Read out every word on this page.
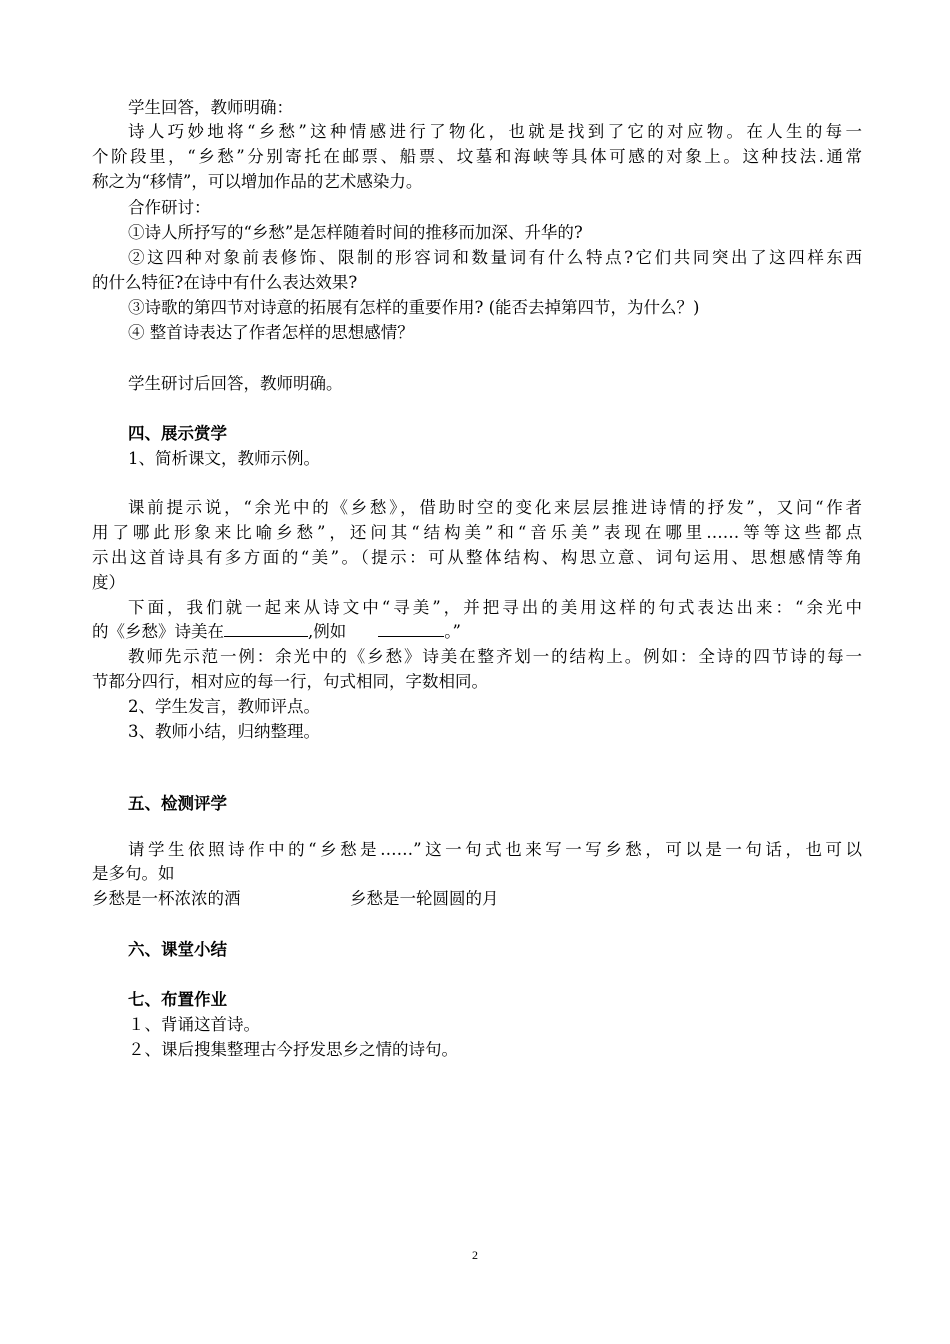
学生回答，教师明确：
诗人巧妙地将“乡愁”这种情感进行了物化，也就是找到了它的对应物。在人生的每一
个阶段里，“乡愁”分别寄托在邮票、船票、坟墓和海峡等具体可感的对象上。这种技法.通常
称之为“移情”，可以增加作品的艺术感染力。
合作研讨：
①诗人所抒写的“乡愁”是怎样随着时间的推移而加深、升华的?
②这四种对象前表修饰、限制的形容词和数量词有什么特点?它们共同突出了这四样东西
的什么特征?在诗中有什么表达效果?
③诗歌的第四节对诗意的拓展有怎样的重要作用? (能否去掉第四节，为什么？)
④ 整首诗表达了作者怎样的思想感情？
学生研讨后回答，教师明确。
四、展示赏学
1、简析课文，教师示例。
课前提示说，“余光中的《乡愁》，借助时空的变化来层层推进诗情的抒发”，又问“作者
用了哪此形象来比喻乡愁”，还问其“结构美”和“音乐美”表现在哪里……等等这些都点
示出这首诗具有多方面的“美”。（提示：可从整体结构、构思立意、词句运用、思想感情等角
度）
下面，我们就一起来从诗文中“寻美”，并把寻出的美用这样的句式表达出来：“余光中
的《乡愁》诗美在	,例如	。”
教师先示范一例：余光中的《乡愁》诗美在整齐划一的结构上。例如：全诗的四节诗的每一
节都分四行，相对应的每一行，句式相同，字数相同。
2、学生发言，教师评点。
3、教师小结，归纳整理。
五、检测评学
请学生依照诗作中的“乡愁是……”这一句式也来写一写乡愁，可以是一句话，也可以
是多句。如
乡愁是一杯浓浓的酒	乡愁是一轮圆圆的月
六、课堂小结
七、布置作业
１、背诵这首诗。
２、课后搜集整理古今抒发思乡之情的诗句。
2
